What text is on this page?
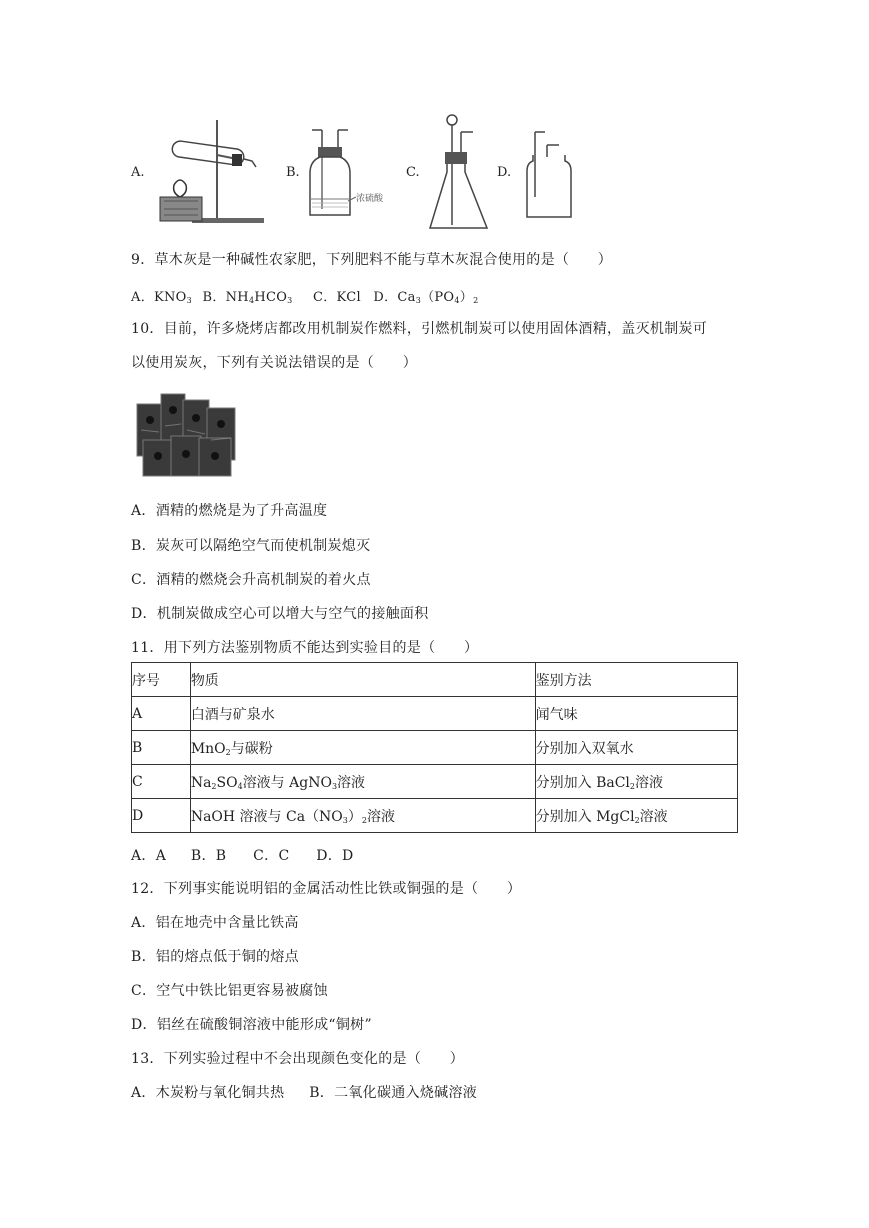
A.	B.
浓硫酸
C.	D.
9．草木灰是一种碱性农家肥，下列肥料不能与草木灰混合使用的是（　　）
A．$KNO_3$ B．$NH_4HCO_3$ C．KCl D．$Ca_3(PO_4)_2$
10．目前，许多烧烤店都改用机制炭作燃料，引燃机制炭可以使用固体酒精，盖灭机制炭可
以使用炭灰，下列有关说法错误的是（　　）
A．酒精的燃烧是为了升高温度
B．炭灰可以隔绝空气而使机制炭熄灭
C．酒精的燃烧会升高机制炭的着火点
D．机制炭做成空心可以增大与空气的接触面积
11．用下列方法鉴别物质不能达到实验目的是（　　）
序号	物质	鉴别方法
A	白酒与矿泉水	闻气味
B	MnO$_2$与碳粉	分别加入双氧水
C	$Na_2SO_4$溶液与 AgNO$_3$溶液	分别加入 BaCl$_2$溶液
D	NaOH 溶液与 $Ca(NO_3)_2$溶液	分别加入 MgCl$_2$溶液
A．A B．B C．C D．D
12．下列事实能说明铝的金属活动性比铁或铜强的是（　　）
A．铝在地壳中含量比铁高
B．铝的熔点低于铜的熔点
C．空气中铁比铝更容易被腐蚀
D．铝丝在硫酸铜溶液中能形成“铜树”
13．下列实验过程中不会出现颜色变化的是（　　）
A．木炭粉与氧化铜共热 B．二氧化碳通入烧碱溶液
